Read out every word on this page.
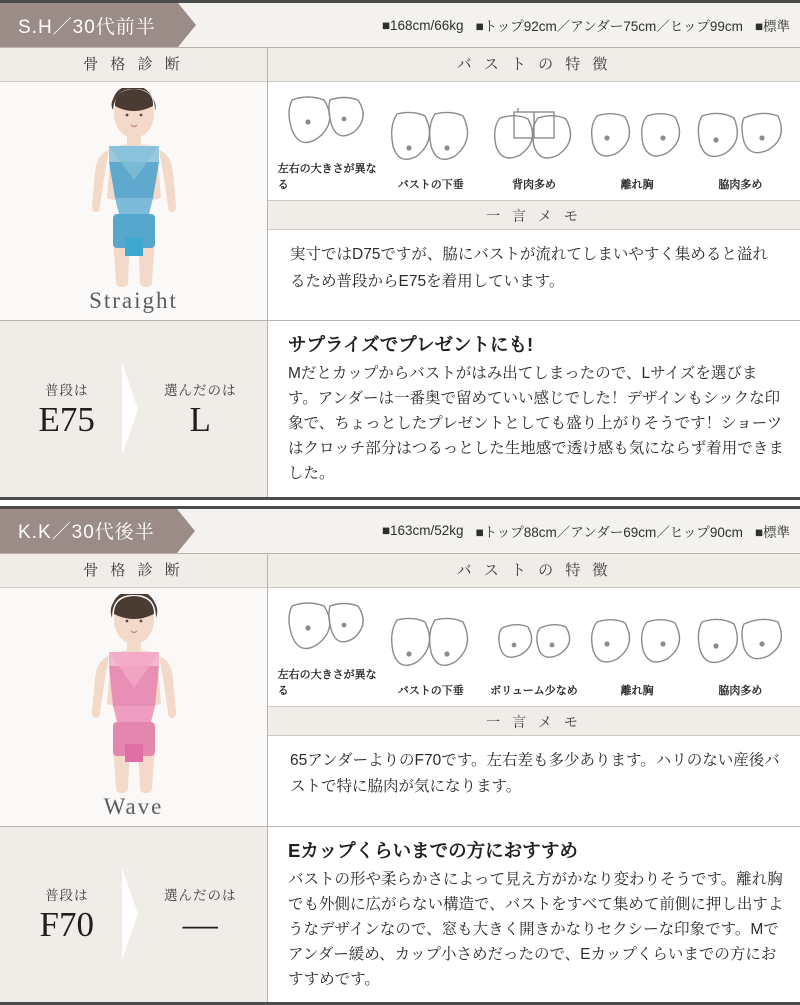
S.H／30代前半	■168cm/66kg ■トップ92cm／アンダー75cm／ヒップ99cm ■標準
骨 格 診 断
Straight
バ ス ト の 特 徴
左右の大きさが異なる	バストの下垂	背肉多め	離れ胸	脇肉多め
一 言 メ モ
実寸ではD75ですが、脇にバストが流れてしまいやすく集めると溢れるため普段からE75を着用しています。
普段は
E75
選んだのは
L
サプライズでプレゼントにも!

Mだとカップからバストがはみ出てしまったので、Lサイズを選びます。アンダーは一番奥で留めていい感じでした！デザインもシックな印象で、ちょっとしたプレゼントとしても盛り上がりそうです！ショーツはクロッチ部分はつるっとした生地感で透け感も気にならず着用できました。

K.K／30代後半	■163cm/52kg ■トップ88cm／アンダー69cm／ヒップ90cm ■標準
骨 格 診 断
Wave
バ ス ト の 特 徴
左右の大きさが異なる	バストの下垂 ボリューム少なめ	離れ胸	脇肉多め
一 言 メ モ
65アンダーよりのF70です。左右差も多少あります。ハリのない産後バストで特に脇肉が気になります。
普段は
F70
選んだのは
—
Eカップくらいまでの方におすすめ

バストの形や柔らかさによって見え方がかなり変わりそうです。離れ胸でも外側に広がらない構造で、バストをすべて集めて前側に押し出すようなデザインなので、窓も大きく開きかなりセクシーな印象です。Mでアンダー緩め、カップ小さめだったので、Eカップくらいまでの方におすすめです。
